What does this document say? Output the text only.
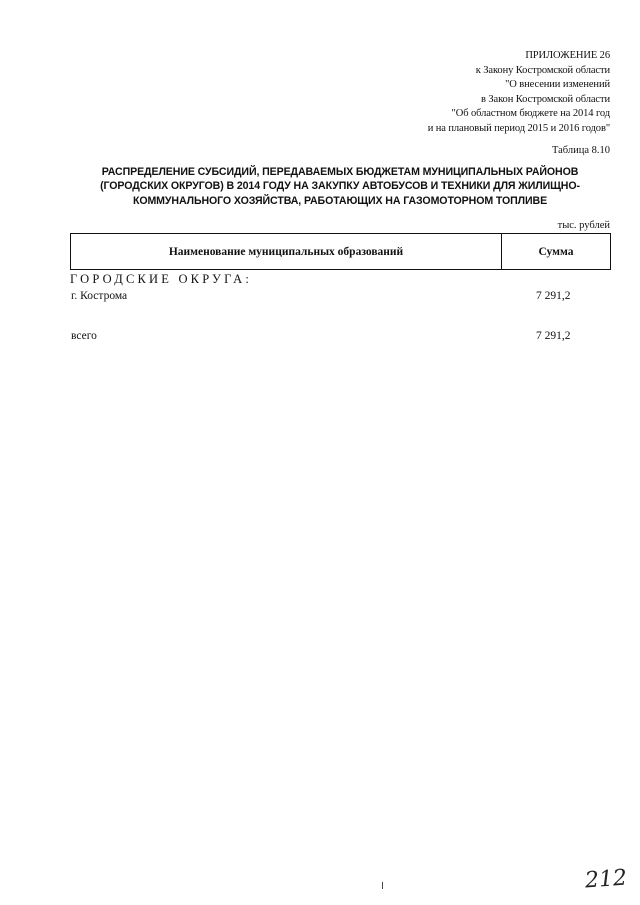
ПРИЛОЖЕНИЕ 26
к Закону Костромской области
"О внесении изменений
в Закон Костромской области
"Об областном бюджете на 2014 год
и на плановый период 2015 и 2016 годов"
Таблица 8.10
РАСПРЕДЕЛЕНИЕ СУБСИДИЙ, ПЕРЕДАВАЕМЫХ БЮДЖЕТАМ МУНИЦИПАЛЬНЫХ РАЙОНОВ
(ГОРОДСКИХ ОКРУГОВ) В 2014 ГОДУ НА ЗАКУПКУ АВТОБУСОВ И ТЕХНИКИ ДЛЯ ЖИЛИЩНО-
КОММУНАЛЬНОГО ХОЗЯЙСТВА, РАБОТАЮЩИХ НА ГАЗОМОТОРНОМ ТОПЛИВЕ
тыс. рублей
Наименование муниципальных образований	Сумма
ГОРОДСКИЕ ОКРУГА:
г. Кострома	7 291,2
всего	7 291,2
212
